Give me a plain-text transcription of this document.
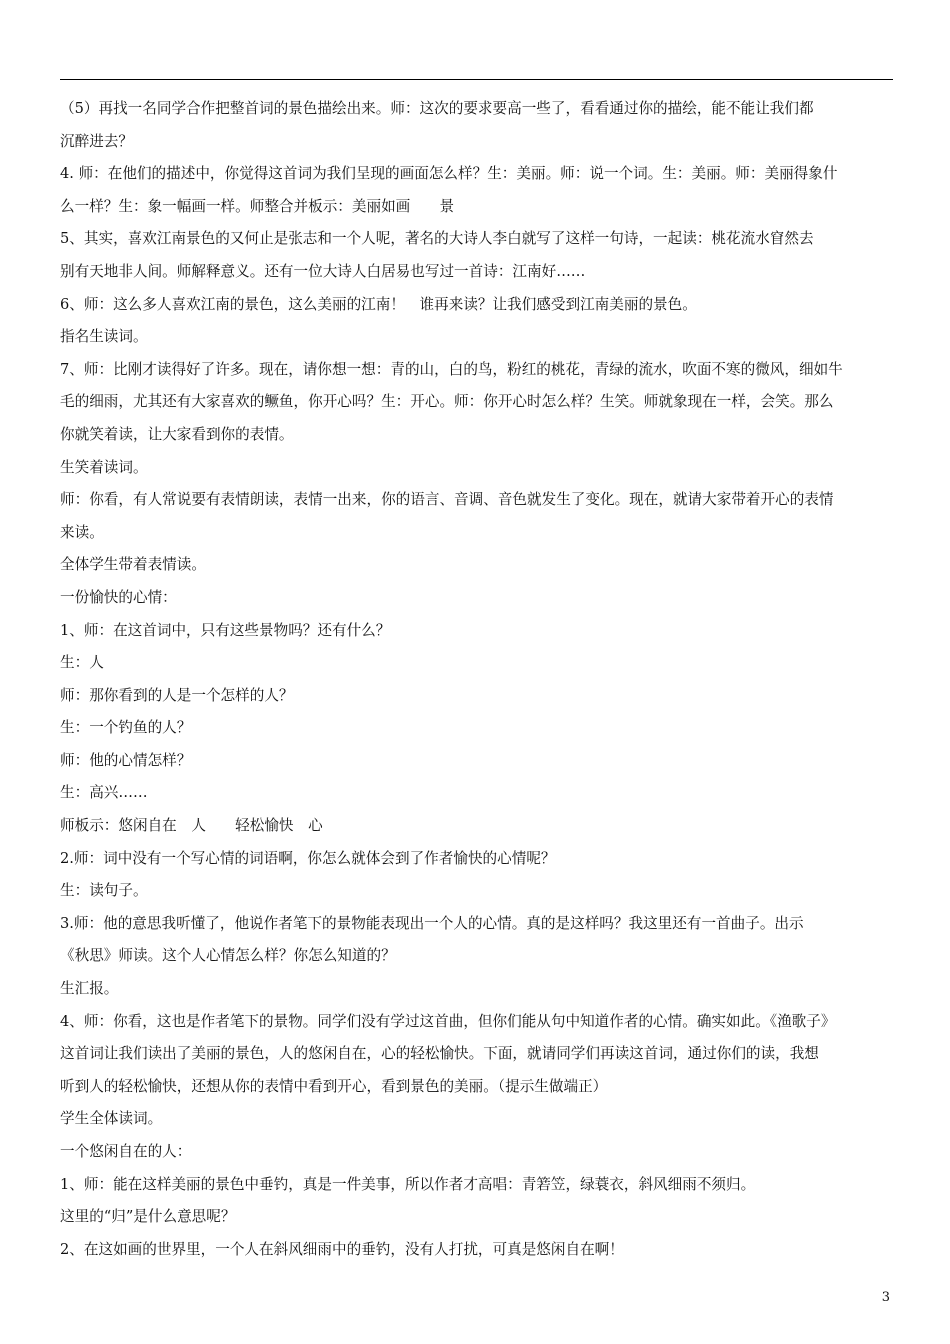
（5）再找一名同学合作把整首词的景色描绘出来。师：这次的要求要高一些了，看看通过你的描绘，能不能让我们都

沉醉进去？

4. 师：在他们的描述中，你觉得这首词为我们呈现的画面怎么样？生：美丽。师：说一个词。生：美丽。师：美丽得象什

么一样？生：象一幅画一样。师整合并板示：美丽如画　　景

5、其实，喜欢江南景色的又何止是张志和一个人呢，著名的大诗人李白就写了这样一句诗，一起读：桃花流水窅然去

别有天地非人间。师解释意义。还有一位大诗人白居易也写过一首诗：江南好……

6、师：这么多人喜欢江南的景色，这么美丽的江南！　谁再来读？让我们感受到江南美丽的景色。

指名生读词。

7、师：比刚才读得好了许多。现在，请你想一想：青的山，白的鸟，粉红的桃花，青绿的流水，吹面不寒的微风，细如牛

毛的细雨，尤其还有大家喜欢的鳜鱼，你开心吗？生：开心。师：你开心时怎么样？生笑。师就象现在一样，会笑。那么

你就笑着读，让大家看到你的表情。

生笑着读词。

师：你看，有人常说要有表情朗读，表情一出来，你的语言、音调、音色就发生了变化。现在，就请大家带着开心的表情

来读。

全体学生带着表情读。

一份愉快的心情：

1、师：在这首词中，只有这些景物吗？还有什么？

生：人

师：那你看到的人是一个怎样的人？

生：一个钓鱼的人？

师：他的心情怎样？

生：高兴……

师板示：悠闲自在　人　　轻松愉快　心

2.师：词中没有一个写心情的词语啊，你怎么就体会到了作者愉快的心情呢？

生：读句子。

3.师：他的意思我听懂了，他说作者笔下的景物能表现出一个人的心情。真的是这样吗？我这里还有一首曲子。出示

《秋思》师读。这个人心情怎么样？你怎么知道的？

生汇报。

4、师：你看，这也是作者笔下的景物。同学们没有学过这首曲，但你们能从句中知道作者的心情。确实如此。《渔歌子》

这首词让我们读出了美丽的景色，人的悠闲自在，心的轻松愉快。下面，就请同学们再读这首词，通过你们的读，我想

听到人的轻松愉快，还想从你的表情中看到开心，看到景色的美丽。（提示生做端正）

学生全体读词。

一个悠闲自在的人：

1、师：能在这样美丽的景色中垂钓，真是一件美事，所以作者才高唱：青箬笠，绿蓑衣，斜风细雨不须归。

这里的“归”是什么意思呢？

2、在这如画的世界里，一个人在斜风细雨中的垂钓，没有人打扰，可真是悠闲自在啊！

3
